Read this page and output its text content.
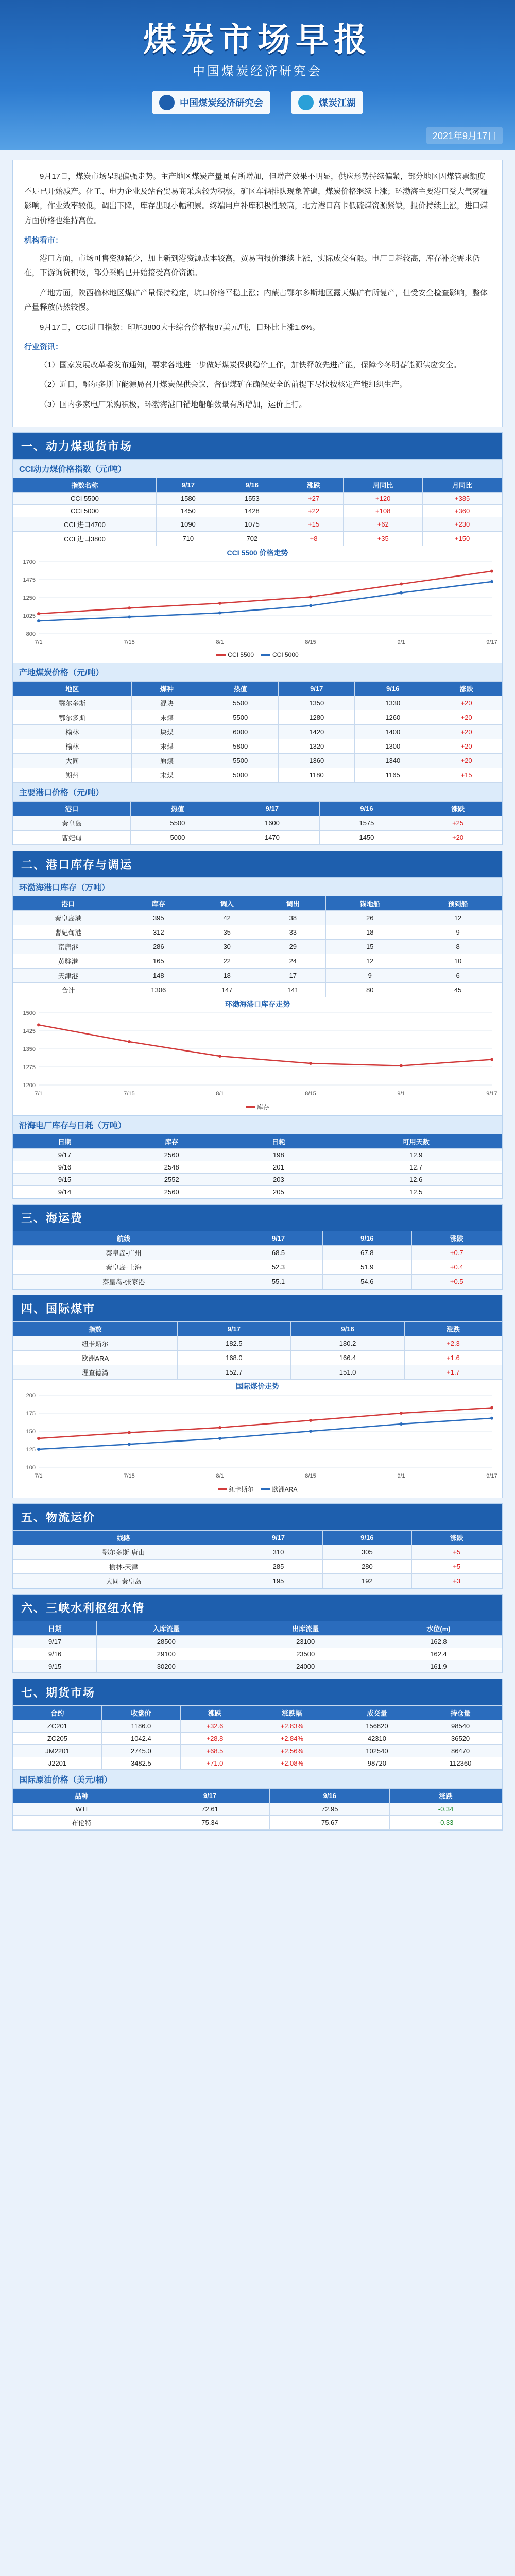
煤炭市场早报
中国煤炭经济研究会
中国煤炭经济研究会	煤炭江湖
2021年9月17日

9月17日，煤炭市场呈现偏强走势。主产地区煤炭产量虽有所增加，但增产效果不明显，供应形势持续偏紧，部分地区因煤管票额度不足已开始减产。化工、电力企业及站台贸易商采购较为积极，矿区车辆排队现象普遍，煤炭价格继续上涨；环渤海主要港口受大气雾霾影响，作业效率较低，调出下降，库存出现小幅积累。终端用户补库积极性较高，北方港口高卡低硫煤资源紧缺，报价持续上涨，进口煤方面价格也维持高位。

机构看市：

港口方面，市场可售资源稀少，加上新到港资源成本较高，贸易商报价继续上涨，实际成交有限。电厂日耗较高，库存补充需求仍在，下游询货积极，部分采购已开始接受高价资源。

产地方面，陕西榆林地区煤矿产量保持稳定，坑口价格平稳上涨；内蒙古鄂尔多斯地区露天煤矿有所复产，但受安全检查影响，整体产量释放仍然较慢。

9月17日，CCI进口指数：印尼3800大卡综合价格报87美元/吨，日环比上涨1.6%。

行业资讯：

（1）国家发展改革委发布通知，要求各地进一步做好煤炭保供稳价工作，加快释放先进产能，保障今冬明春能源供应安全。

（2）近日，鄂尔多斯市能源局召开煤炭保供会议，督促煤矿在确保安全的前提下尽快按核定产能组织生产。

（3）国内多家电厂采购积极，环渤海港口锚地船舶数量有所增加，运价上行。

一、动力煤现货市场
CCI动力煤价格指数（元/吨）
指数名称	9/17	9/16	涨跌	周同比	月同比
CCI 5500	1580	1553	+27	+120	+385
CCI 5000	1450	1428	+22	+108	+360
CCI 进口4700	1090	1075	+15	+62	+230
CCI 进口3800	710	702	+8	+35	+150
CCI 5500 价格走势
800
1025
1250
1475
1700
7/1	7/15	8/1	8/15	9/1	9/17
CCI 5500	CCI 5000
产地煤炭价格（元/吨）
地区	煤种	热值	9/17	9/16	涨跌
鄂尔多斯	混块	5500	1350	1330	+20
鄂尔多斯	末煤	5500	1280	1260	+20
榆林	块煤	6000	1420	1400	+20
榆林	末煤	5800	1320	1300	+20
大同	原煤	5500	1360	1340	+20
朔州	末煤	5000	1180	1165	+15
主要港口价格（元/吨）
港口	热值	9/17	9/16	涨跌
秦皇岛	5500	1600	1575	+25
曹妃甸	5000	1470	1450	+20
二、港口库存与调运
环渤海港口库存（万吨）
港口	库存	调入	调出	锚地船	预到船
秦皇岛港	395	42	38	26	12
曹妃甸港	312	35	33	18	9
京唐港	286	30	29	15	8
黄骅港	165	22	24	12	10
天津港	148	18	17	9	6
合计	1306	147	141	80	45
环渤海港口库存走势
1200
1275
1350
1425
1500
7/1	7/15	8/1	8/15	9/1	9/17
库存
沿海电厂库存与日耗（万吨）
日期	库存	日耗	可用天数
9/17	2560	198	12.9
9/16	2548	201	12.7
9/15	2552	203	12.6
9/14	2560	205	12.5
三、海运费
航线	9/17	9/16	涨跌
秦皇岛-广州	68.5	67.8	+0.7
秦皇岛-上海	52.3	51.9	+0.4
秦皇岛-张家港	55.1	54.6	+0.5
四、国际煤市
指数	9/17	9/16	涨跌
纽卡斯尔	182.5	180.2	+2.3
欧洲ARA	168.0	166.4	+1.6
理查德湾	152.7	151.0	+1.7
国际煤价走势
100
125
150
175
200
7/1	7/15	8/1	8/15	9/1	9/17
纽卡斯尔	欧洲ARA
五、物流运价
线路	9/17	9/16	涨跌
鄂尔多斯-唐山	310	305	+5
榆林-天津	285	280	+5
大同-秦皇岛	195	192	+3
六、三峡水利枢纽水情
日期	入库流量	出库流量	水位(m)
9/17	28500	23100	162.8
9/16	29100	23500	162.4
9/15	30200	24000	161.9
七、期货市场
合约	收盘价	涨跌	涨跌幅	成交量	持仓量
ZC201	1186.0	+32.6	+2.83%	156820	98540
ZC205	1042.4	+28.8	+2.84%	42310	36520
JM2201	2745.0	+68.5	+2.56%	102540	86470
J2201	3482.5	+71.0	+2.08%	98720	112360
国际原油价格（美元/桶）
品种	9/17	9/16	涨跌
WTI	72.61	72.95	-0.34
布伦特	75.34	75.67	-0.33
